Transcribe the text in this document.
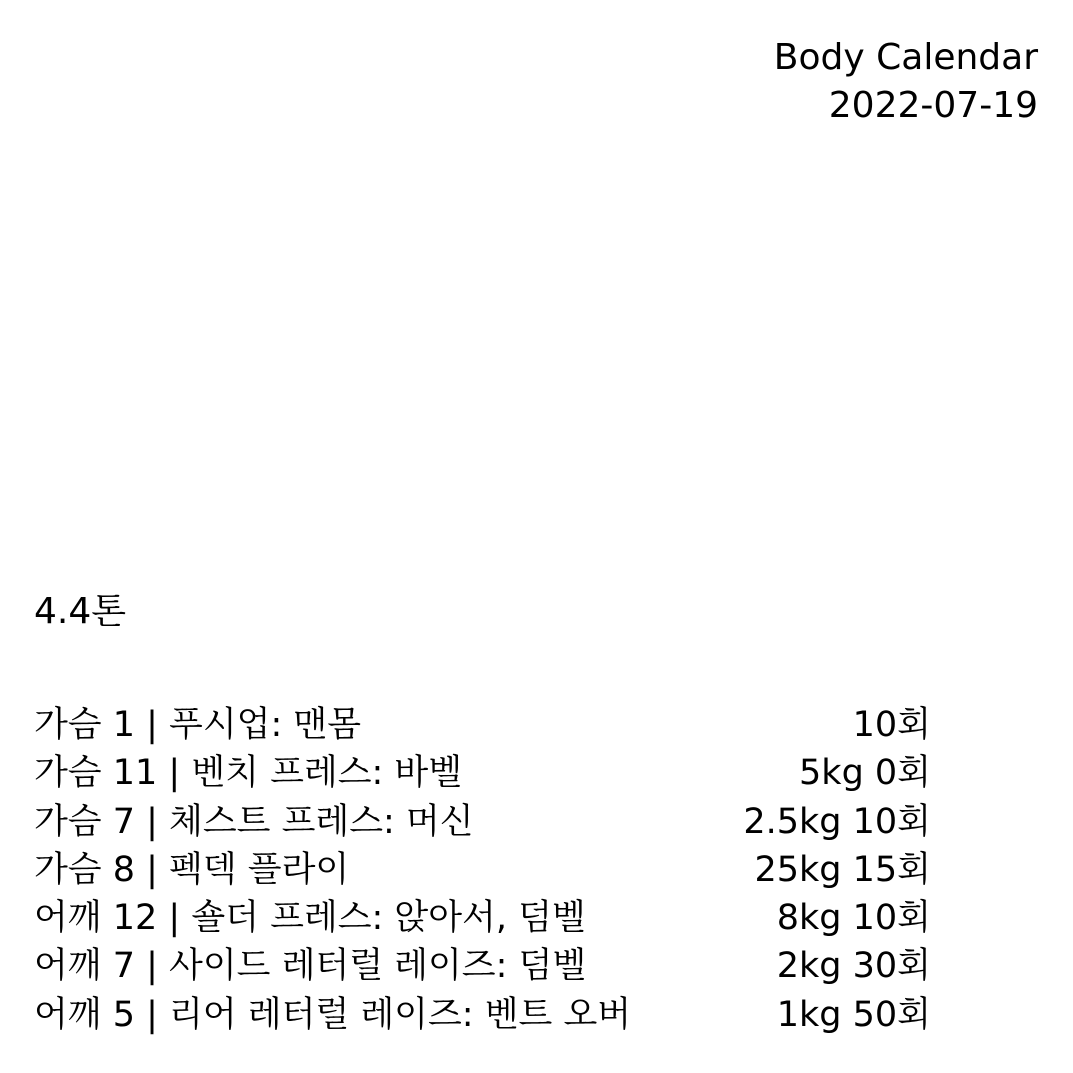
Body Calendar
2022-07-19
4.4톤
가슴 1 | 푸시업: 맨몸	10회
가슴 11 | 벤치 프레스: 바벨	5kg 0회
가슴 7 | 체스트 프레스: 머신	2.5kg 10회
가슴 8 | 펙덱 플라이	25kg 15회
어깨 12 | 숄더 프레스: 앉아서, 덤벨	8kg 10회
어깨 7 | 사이드 레터럴 레이즈: 덤벨	2kg 30회
어깨 5 | 리어 레터럴 레이즈: 벤트 오버	1kg 50회
